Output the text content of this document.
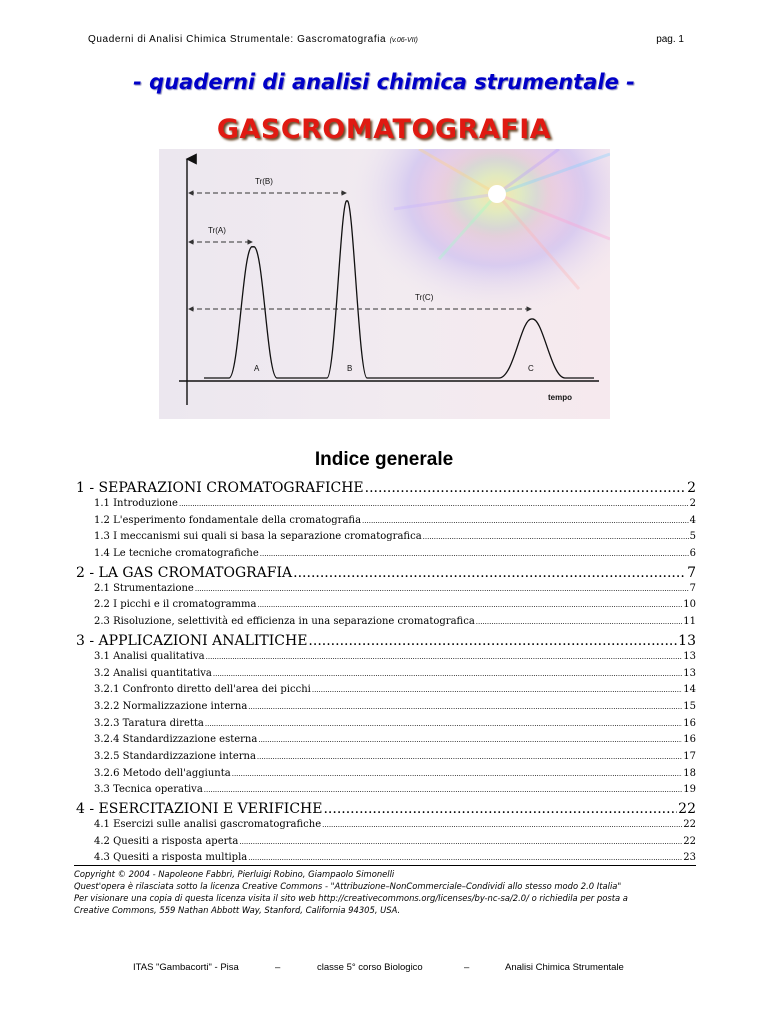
Quaderni di Analisi Chimica Strumentale: Gascromatografia (v.06-VII)	pag. 1
- quaderni di analisi chimica strumentale -
GASCROMATOGRAFIA
Tr(A)
Tr(B)
Tr(C)
A	B	C
tempo
Indice generale
1 - SEPARAZIONI CROMATOGRAFICHE .....	2
1.1 Introduzione .....	2
1.2 L'esperimento fondamentale della cromatografia .....	4
1.3 I meccanismi sui quali si basa la separazione cromatografica .....	5
1.4 Le tecniche cromatografiche .....	6
2 - LA GAS CROMATOGRAFIA .....	7
2.1 Strumentazione .....	7
2.2 I picchi e il cromatogramma .....	10
2.3 Risoluzione, selettività ed efficienza in una separazione cromatografica .....	11
3 - APPLICAZIONI ANALITICHE .....	13
3.1 Analisi qualitativa .....	13
3.2 Analisi quantitativa .....	13
3.2.1 Confronto diretto dell'area dei picchi .....	14
3.2.2 Normalizzazione interna .....	15
3.2.3 Taratura diretta .....	16
3.2.4 Standardizzazione esterna .....	16
3.2.5 Standardizzazione interna .....	17
3.2.6 Metodo dell'aggiunta .....	18
3.3 Tecnica operativa .....	19
4 - ESERCITAZIONI E VERIFICHE .....	22
4.1 Esercizi sulle analisi gascromatografiche .....	22
4.2 Quesiti a risposta aperta .....	22
4.3 Quesiti a risposta multipla .....	23
Copyright © 2004 - Napoleone Fabbri, Pierluigi Robino, Giampaolo Simonelli
Quest'opera è rilasciata sotto la licenza Creative Commons - "Attribuzione–NonCommerciale–Condividi allo stesso modo 2.0 Italia"
Per visionare una copia di questa licenza visita il sito web http://creativecommons.org/licenses/by-nc-sa/2.0/ o richiedila per posta a
Creative Commons, 559 Nathan Abbott Way, Stanford, California 94305, USA.
ITAS "Gambacorti" - Pisa	–	classe 5° corso Biologico	–	Analisi Chimica Strumentale
